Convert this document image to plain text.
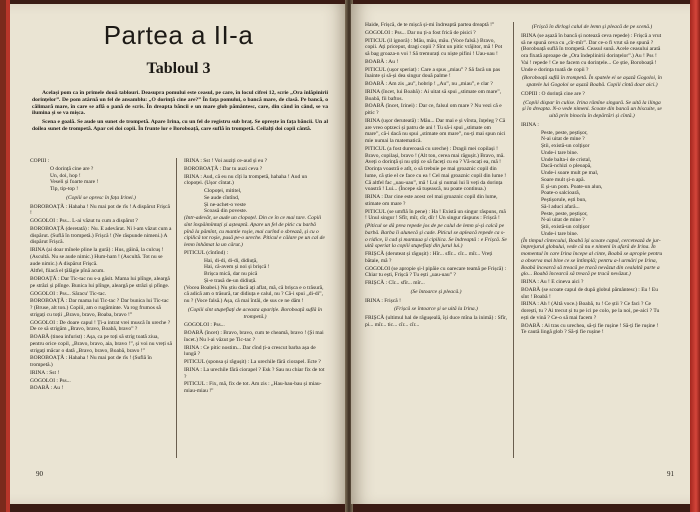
Partea a II-a
Tabloul 3

Același pom ca în primele două tablouri. Deasupra pomului este ceasul, pe care, în locul cifrei 12, scrie „Ora înlăpinirii dorințelor”. De pom atârnă un fel de ansamblu: „O dorință cine are?” În fața pomului, o bancă mare, de clasă. Pe bancă, o călimară mare, în care se află o pană de scris. În dreapta băncii e un mare glob pământesc, care, din când în când, se va ilumina și se va mișca.

Scena e goală. Se aude un sunet de trompetă. Apare Irina, cu un fel de registru sub braț. Se oprește în fața băncii. Un al doilea sunet de trompetă. Apar cei doi copii. În frunte lor e Boroboață, care suflă în trompetă. Ceilalți doi copii cântă.

COPIII :

O dorință cine are ?

Un, doi, hop !

Veseli și foarte mare !

Tip, tip-top !

(Copiii se opresc în fața Irinei.)

BOROBOAȚĂ : Hahaha ! Nu mai pot de rîs ! A dispărut Frișcă !

GOGOLOI : Pss... L-ai văzut tu cum a dispărut ?

BOROBOAȚĂ (deretată) : Nu. E adevărat. Ni l-am văzut cum a dispărut. (Suflă în trompetă.) Frișcă ! (Ne răspunde nimeni.) A dispărut Frișcă.

IRINA (ai doar mînele pline la gură) : Hus, gâină, la culcuș ! (Ascultă. Nu se aude nimic.) Hum-ham ! (Ascultă. Tot nu se aude nimic.) A dispărut Frișcă.

Altfel, fiiacă el țâlăgie pînă acum.

BOBOAȚĂ : Dar Tic-tac nu s-a găsit. Mama lui plînge, aleargă pe străzi și plînge. Bunica lui plînge, aleargă pe străzi și plînge.

GOGOLOI : Pss... Săracu' Tic-tac.

BOROBOAȚĂ : Dar mama lui Tic-tac ? Dar bunica lui Tic-tac ? (Bruse, alt ton.) Copiii, am o rugăminte. Va rog frumos să strigați cu toții „Bravo, bravo, Boaba, bravo !”

GOGOLOI : De doare capul ! Ți-a intrat vrei muscă în ureche ? De ce să strigăm „Bravo, bravo, Boabă, bravo” ?

BOABĂ (tinea infurist) : Așa, ca pe toți să strig toată ziua, pentru orice copil, „Bravo, bravo, aia, bravo !”, și voi nu vreți să strigați măcar o dată „Bravo, bravo, Boabă, bravo !”

BOROBOAȚĂ : Hahaha ! Nu mai pot de rîs ! (Suflă în trompetă.)

IRINA : Sst !

GOGOLOI : Pss...

BOABĂ : Au !

IRINA : Sst ! Voi auziți ce-aud și eu ?

BOROBOAȚĂ : Dar tu auzi ceva ?

IRINA : Aud, că eu nu cîți la trompetă, hahaha ! Aud un clopoței. (Ușor cîntat.)

Clopoței, mititel,

Se aude cîntînd,

Și ne-achet-o veste

Scoasă din poveste.

(Intr-adevăr, se aude un clopoțel. Din ce în ce mai tare. Copiii sînt înspăimîntați și așteaptă. Apare un fel de pitic cu barbă pînă la pămînt, cu mantie roșie, mai curînd o sbrează, și cu o cipilică tot roșie, pusă pe-o ureche. Piticul e călare pe un cal de lemn înhămat la un cărut.)

PITICUL (cîntînd) :

Hai, di-di, di-di, didiuță,

Hai, că-avem și noi și brișcă !

Brișca mică, dar nu pică

Și-e trasă de-un didiuță.

(Vocea Boabei.) Nu știu dacă ați aflat, mă, că brișca e o trăsură, că adică am o trăsură, tar didiuța e calul, nu ? Că-i spui „di-di”, nu ? (Voce falsă.) Așa, că mai întâi, de sus ce ne dăm !

(Copiii sînt stupefiați de aceasta apariție. Boroboață suflă în trompetă.)

GOGOLOI : Pss...

BOABĂ (încet) : Bravo, bravo, cum te cheamă, bravo ! (Și mai încet.) Nu l-ai văzut pe Tic-tac ?

IRINA : Ce pitic nostim... Dar cînd ți-a crescut barba așa de lungă ?

PITICUL (sponsa și răgușit) : La urechile fără ciorapel. Ecte ?

IRINA : La urechile fără ciorapel ? Esk ? Sau nu chiar fix de tot ?

PITICUL : Fix, mă, fix de tot. Am zis : „Hau-hau-bau și miau-miau-miau !”

90

Haide, Frișcă, de te mișcă și-mi îndreaptă partea dreaptă !”

GOGOLOI : Pss... Dar nu ți-a fost frică de pisici ?

PITICUL (il ignoră) : Mău, mău, mău. (Voce falsă.) Bravo, copii. Ați priceput, dragi copii ? Sînt un pitic vrăjitor, mă ! Pot să bag groaza-n voi ! Să tremurați cu niște pifini ! Uau-uau !

BOABĂ : Au !

PITICUL (ușor speriat) : Care a spus „miau” ? Să facă un pas înainte și să-și dea singur două palme !

BOABĂ : Am zis „au”, hobrip ! „Au”, nu „miau”, e clar ?

IRINA (încet, lui Boabă) : Ai uitat să spui „stimate om mare”, Boabă, fii baftos.

BOABĂ (încet, Irinei) : Dar ce, falsul om mare ? Nu vezi că e pitic ?

IRINA (ușor deruteată) : Mău... Dar mai e și vîrsta, înțeleg ? Că are vreo optzeci și patru de ani ! Tu să-i spui „stimate om mare”, că-i dacă nu spui „stimate om mare”, nu-ți mai spun nici mie numai la matematică.

PITICUL (a fost dureroasă cu ureche) : Dragii mei copilași ! Bravo, copilași, bravo ! (Alt ton, cerea mai răgușit.) Bravo, mă. Aveți o dorință și nu știți ce să faceți cu ea ? Vă-ncați ea, mă ! Dorința voastră e atît, o să trebuie pe mai groaznic copil din lume, că știe el ce face cu ea ! Cel mai groaznic copil din lume ! Că altfel fac „uau-uau”, mă ! Lui și numai lui îi veți da dorința voastră ! Lui... (Începe să tușească, nu poate continua.)

IRINA : Dar cine este acest cel mai groaznic copil din lume, stimate om mare ?

PITICUL (se umflă în pene) : Ha ! Există un singur răspuns, mă ! Unul singur ! Sfîr, mîr, cîr, dîr ! Un singur răspuns : Frișcă !

(Piticul se dă prea repede jos de pe calul de lemn și-și calcă pe barbă. Barba îi alunecă și cade. Piticul se apleacă repede ca s-o ridice, îi cad și mantaua și cipilica. Se îndreaptă : e Frișcă. Se uită speriat la copiii stupefiați din jurul lui.)

FRIȘCĂ (deruteat și răgușit) : Hîr... sfîr... cîr... mîr... Vreți bătaie, mă ?

GOGOLOI (se apropie și-l pipăie cu oarecare teamă pe Frișcă) : Chiar tu ești, Frișcă ? Tu ești „uau-uau” ?

FRIȘCĂ : Cîr... sfîr... mîr...

(Se întoarce și pleacă.)

IRINA : Frișcă !

(Frișcă se întoarce și se uită la Irina.)

FRIȘCĂ (ultimul hal de răgușeală, își duce mîna la inimă) : Sfîr, pi... mîr... tic... cîr... cîr...

(Frișcă în dirlogi calul de lemn și pleacă de pe scenă.)

IRINA (se așază în bancă și notează ceva repede) : Frișcă a vrut să ne spună ceva cu „cîr-mîr”. Dar ce-o fi vrut să ne spună ? (Boroboață suflă în trompetă. Ceasul sună. Acele ceasului arată ora fixată aproape de „Ora îndeplinirii dorințelor”.) Au ! Pss ! Vai ! repede ! Ce ne facem cu dorințele... Ce știe, Boroboață ! Unde e dorința toată de copii ?

(Boroboață suflă în trompetă. În spatele ei se așază Gogoloi, în spatele lui Gogoloi se așază Boabă. Copiii cîntă doar aici.)

COPIII : O dorință cine are ?

(Copiii dispar în culise. Irina rămîne singură. Se uită la ilinga și în dreapta. N-o vede nimeni. Scoate din bancă un biscuite, se uită prin binoclu în depărtări și cîntă.)

IRINA :

Peste, peste, peștișor,

N-ai uitat de mine ?

Știi, există-un colțișor

Unde-i tare bine.

Unde balta-i de cristal,

Dacă-nchizi o pleoapă,

Unde-i soare mult pe mal,

Soare mult și-n apă.

E și-un pom. Poate-un alun,

Poate-o salcioară,

Peștișorule, ești bun,

Să-l aduci afară...

Peste, peste, peștișor,

N-ai uitat de mine ?

Știi, există-un colțișor

Unde-i tare bine.

(În timpul cîntecului, Boabă își scoate capul, cercetează de jur-împrejurul globului, vede că nu e nimeni în afară de Irina. În momentul în care Irina începe al cinte, Boabă se apropie pentru a observa mai bine ce se întîmplă; pentru a-l urmări pe Irina, Boabă încearcă să treacă pe tracă nevăzut din cealaltă parte a glo... Boabă încearcă să treacă pe tracă nevăzut.)

IRINA : Au ! E cineva aici ?

BOABĂ (se scoate capul de după globul pământesc) : Eu ! Eu sînt ! Boabă !

IRINA : Ah ! (Altă voce.) Boabă, tu ! Ce știi ? Ce faci ? Ce dorești, tu ? Ai trecut și tu pe ici pe colo, pe la noi, pe-aici ? Tu ești de vină ? Ce-o să mai facem ?

BOABĂ : Ai tras cu urechea, să-ți fie rușine ! Să-ți fie rușine ! Te caută lingă glob ? Să-ți fie rușine !

91
